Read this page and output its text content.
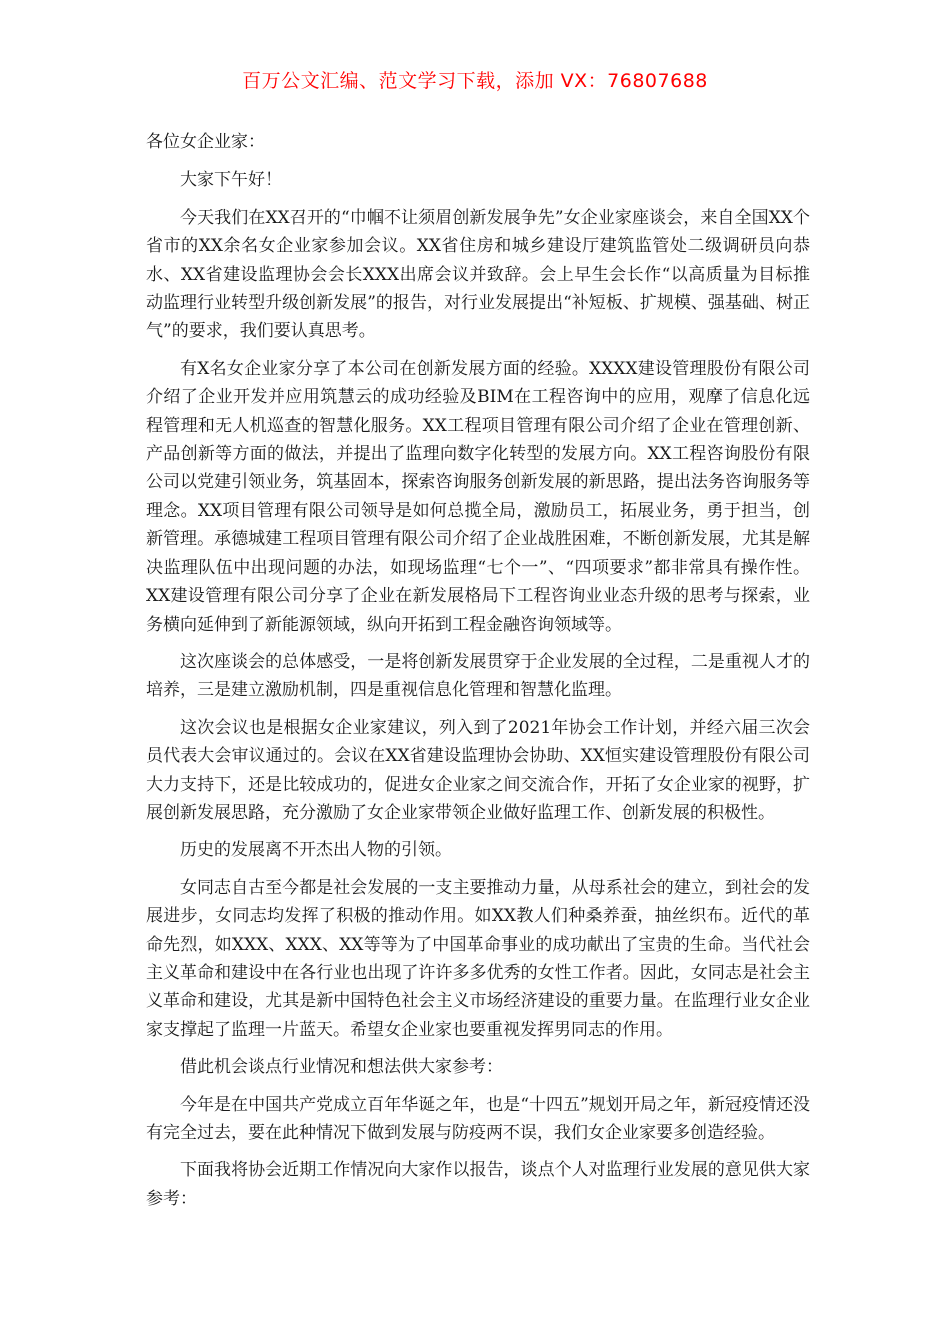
百万公文汇编、范文学习下载，添加 VX：76807688

各位女企业家：

大家下午好！

今天我们在XX召开的“巾帼不让须眉创新发展争先”女企业家座谈会，来自全国XX个省市的XX余名女企业家参加会议。XX省住房和城乡建设厅建筑监管处二级调研员向恭水、XX省建设监理协会会长XXX出席会议并致辞。会上早生会长作“以高质量为目标推动监理行业转型升级创新发展”的报告，对行业发展提出“补短板、扩规模、强基础、树正气”的要求，我们要认真思考。

有X名女企业家分享了本公司在创新发展方面的经验。XXXX建设管理股份有限公司介绍了企业开发并应用筑慧云的成功经验及BIM在工程咨询中的应用，观摩了信息化远程管理和无人机巡查的智慧化服务。XX工程项目管理有限公司介绍了企业在管理创新、产品创新等方面的做法，并提出了监理向数字化转型的发展方向。XX工程咨询股份有限公司以党建引领业务，筑基固本，探索咨询服务创新发展的新思路，提出法务咨询服务等理念。XX项目管理有限公司领导是如何总揽全局，激励员工，拓展业务，勇于担当，创新管理。承德城建工程项目管理有限公司介绍了企业战胜困难，不断创新发展，尤其是解决监理队伍中出现问题的办法，如现场监理“七个一”、“四项要求”都非常具有操作性。XX建设管理有限公司分享了企业在新发展格局下工程咨询业业态升级的思考与探索，业务横向延伸到了新能源领域，纵向开拓到工程金融咨询领域等。

这次座谈会的总体感受，一是将创新发展贯穿于企业发展的全过程，二是重视人才的培养，三是建立激励机制，四是重视信息化管理和智慧化监理。

这次会议也是根据女企业家建议，列入到了2021年协会工作计划，并经六届三次会员代表大会审议通过的。会议在XX省建设监理协会协助、XX恒实建设管理股份有限公司大力支持下，还是比较成功的，促进女企业家之间交流合作，开拓了女企业家的视野，扩展创新发展思路，充分激励了女企业家带领企业做好监理工作、创新发展的积极性。

历史的发展离不开杰出人物的引领。

女同志自古至今都是社会发展的一支主要推动力量，从母系社会的建立，到社会的发展进步，女同志均发挥了积极的推动作用。如XX教人们种桑养蚕，抽丝织布。近代的革命先烈，如XXX、XXX、XX等等为了中国革命事业的成功献出了宝贵的生命。当代社会主义革命和建设中在各行业也出现了许许多多优秀的女性工作者。因此，女同志是社会主义革命和建设，尤其是新中国特色社会主义市场经济建设的重要力量。在监理行业女企业家支撑起了监理一片蓝天。希望女企业家也要重视发挥男同志的作用。

借此机会谈点行业情况和想法供大家参考：

今年是在中国共产党成立百年华诞之年，也是“十四五”规划开局之年，新冠疫情还没有完全过去，要在此种情况下做到发展与防疫两不误，我们女企业家要多创造经验。

下面我将协会近期工作情况向大家作以报告，谈点个人对监理行业发展的意见供大家参考：
